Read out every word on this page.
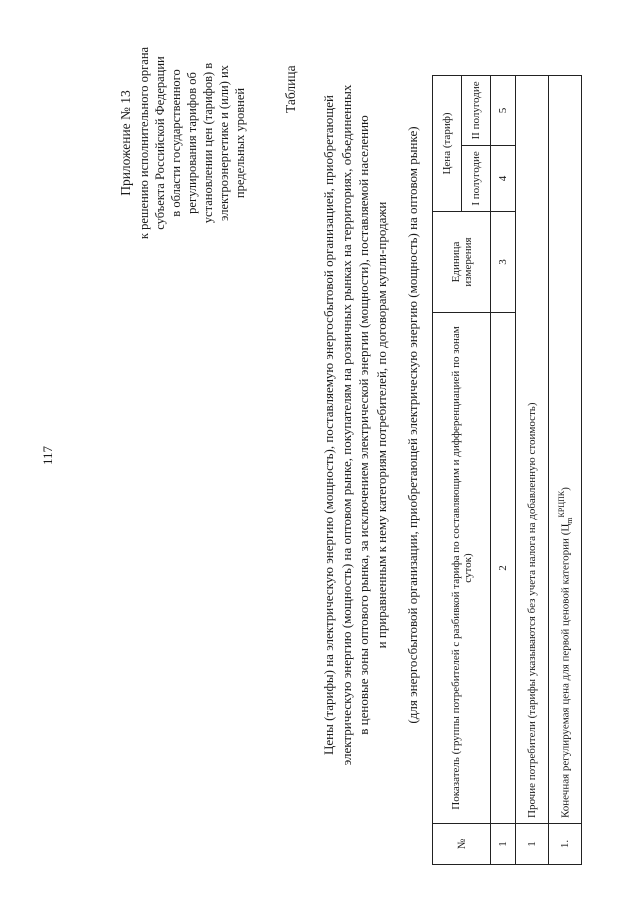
117
Приложение № 13 к решению исполнительного органа субъекта Российской Федерации в области государственного регулирования тарифов об установлении цен (тарифов) в электроэнергетике и (или) их предельных уровней	Таблица
Цены (тарифы) на электрическую энергию (мощность), поставляемую энергосбытовой организацией, приобретающей электрическую энергию (мощность) на оптовом рынке, покупателям на розничных рынках на территориях, объединенных в ценовые зоны оптового рынка, за исключением электрической энергии (мощности), поставляемой населению и приравненным к нему категориям потребителей, по договорам купли-продажи (для энергосбытовой организации, приобретающей электрическую энергию (мощность) на оптовом рынке)
№	Показатель (группы потребителей с разбивкой тарифа по составляющим и дифференциацией по зонам суток)	Единица измерения	Цена (тариф)	
			I полугодие	II полугодие
1	2	3	4	5
1	Прочие потребители (тарифы указываются без учета налога на добавленную стоимость)			
1.	Конечная регулируемая цена для первой ценовой категории $(Ц_m^{КРЦПК})$			
